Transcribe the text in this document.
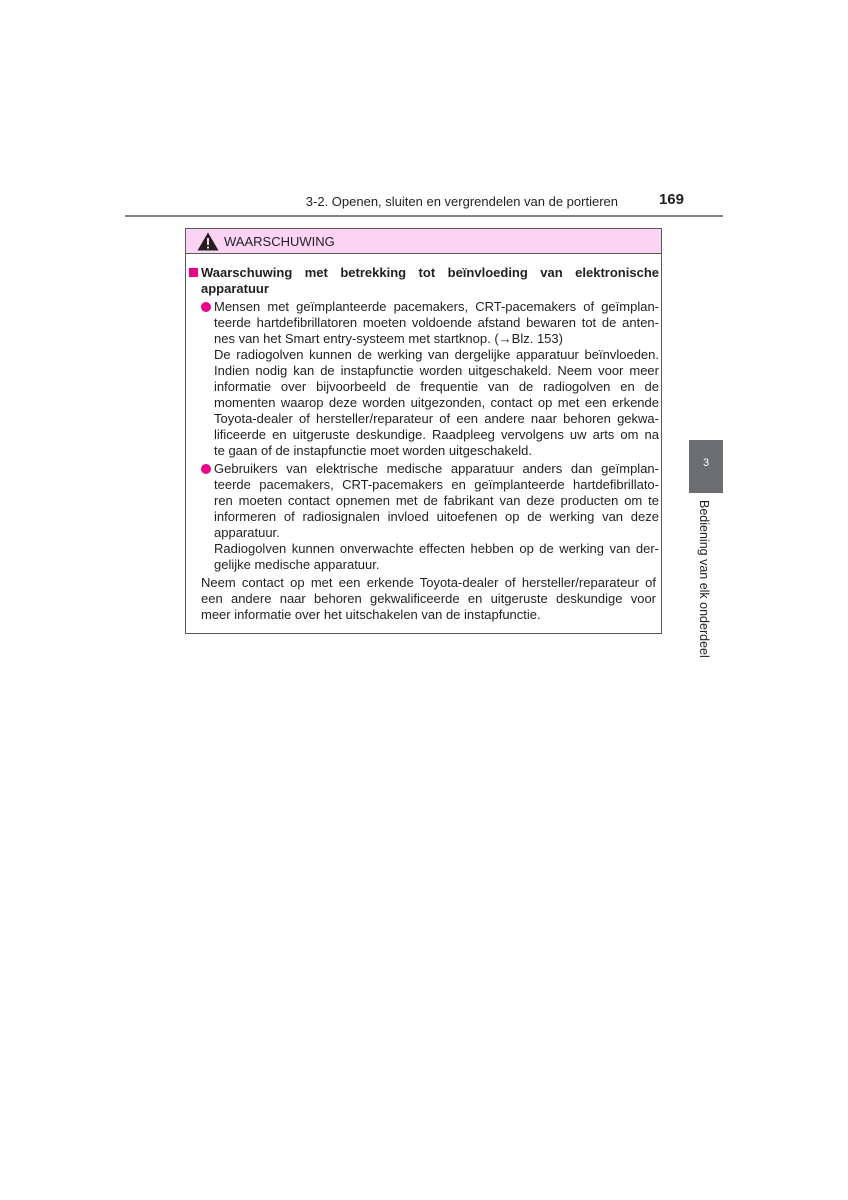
3-2. Openen, sluiten en vergrendelen van de portieren	169
3
Bediening van elk onderdeel
WAARSCHUWING
Waarschuwing met betrekking tot beïnvloeding van elektronische
apparatuur
Mensen met geïmplanteerde pacemakers, CRT-pacemakers of geïmplan-
teerde hartdefibrillatoren moeten voldoende afstand bewaren tot de anten-
nes van het Smart entry-systeem met startknop. (→Blz. 153)
De radiogolven kunnen de werking van dergelijke apparatuur beïnvloeden.
Indien nodig kan de instapfunctie worden uitgeschakeld. Neem voor meer
informatie over bijvoorbeeld de frequentie van de radiogolven en de
momenten waarop deze worden uitgezonden, contact op met een erkende
Toyota-dealer of hersteller/reparateur of een andere naar behoren gekwa-
lificeerde en uitgeruste deskundige. Raadpleeg vervolgens uw arts om na
te gaan of de instapfunctie moet worden uitgeschakeld.
Gebruikers van elektrische medische apparatuur anders dan geïmplan-
teerde pacemakers, CRT-pacemakers en geïmplanteerde hartdefibrillato-
ren moeten contact opnemen met de fabrikant van deze producten om te
informeren of radiosignalen invloed uitoefenen op de werking van deze
apparatuur.
Radiogolven kunnen onverwachte effecten hebben op de werking van der-
gelijke medische apparatuur.
Neem contact op met een erkende Toyota-dealer of hersteller/reparateur of
een andere naar behoren gekwalificeerde en uitgeruste deskundige voor
meer informatie over het uitschakelen van de instapfunctie.
